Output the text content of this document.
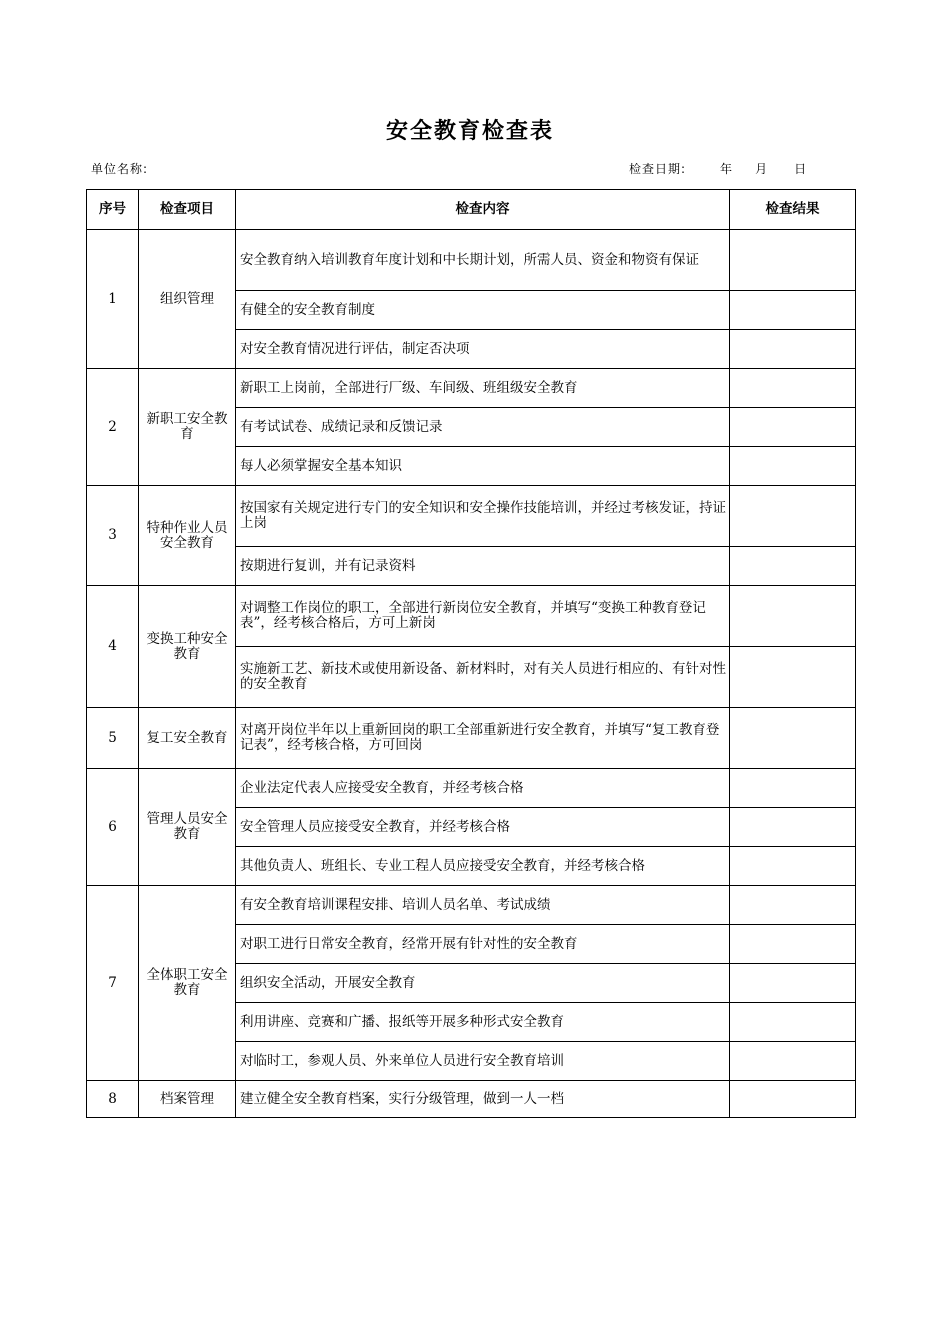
安全教育检查表
单位名称:	检查日期:	年 月 日
序号	检查项目	检查内容	检查结果
1	组织管理	安全教育纳入培训教育年度计划和中长期计划，所需人员、资金和物资有保证	
		有健全的安全教育制度	
		对安全教育情况进行评估，制定否决项	
2	新职工安全教育	新职工上岗前，全部进行厂级、车间级、班组级安全教育	
		有考试试卷、成绩记录和反馈记录	
		每人必须掌握安全基本知识	
3	特种作业人员安全教育	按国家有关规定进行专门的安全知识和安全操作技能培训，并经过考核发证，持证上岗	
		按期进行复训，并有记录资料	
4	变换工种安全教育	对调整工作岗位的职工，全部进行新岗位安全教育，并填写“变换工种教育登记表”，经考核合格后，方可上新岗	
		实施新工艺、新技术或使用新设备、新材料时，对有关人员进行相应的、有针对性的安全教育	
5	复工安全教育	对离开岗位半年以上重新回岗的职工全部重新进行安全教育，并填写“复工教育登记表”，经考核合格，方可回岗	
6	管理人员安全教育	企业法定代表人应接受安全教育，并经考核合格	
		安全管理人员应接受安全教育，并经考核合格	
		其他负责人、班组长、专业工程人员应接受安全教育，并经考核合格	
7	全体职工安全教育	有安全教育培训课程安排、培训人员名单、考试成绩	
		对职工进行日常安全教育，经常开展有针对性的安全教育	
		组织安全活动，开展安全教育	
		利用讲座、竞赛和广播、报纸等开展多种形式安全教育	
		对临时工，参观人员、外来单位人员进行安全教育培训	
8	档案管理	建立健全安全教育档案，实行分级管理，做到一人一档	
